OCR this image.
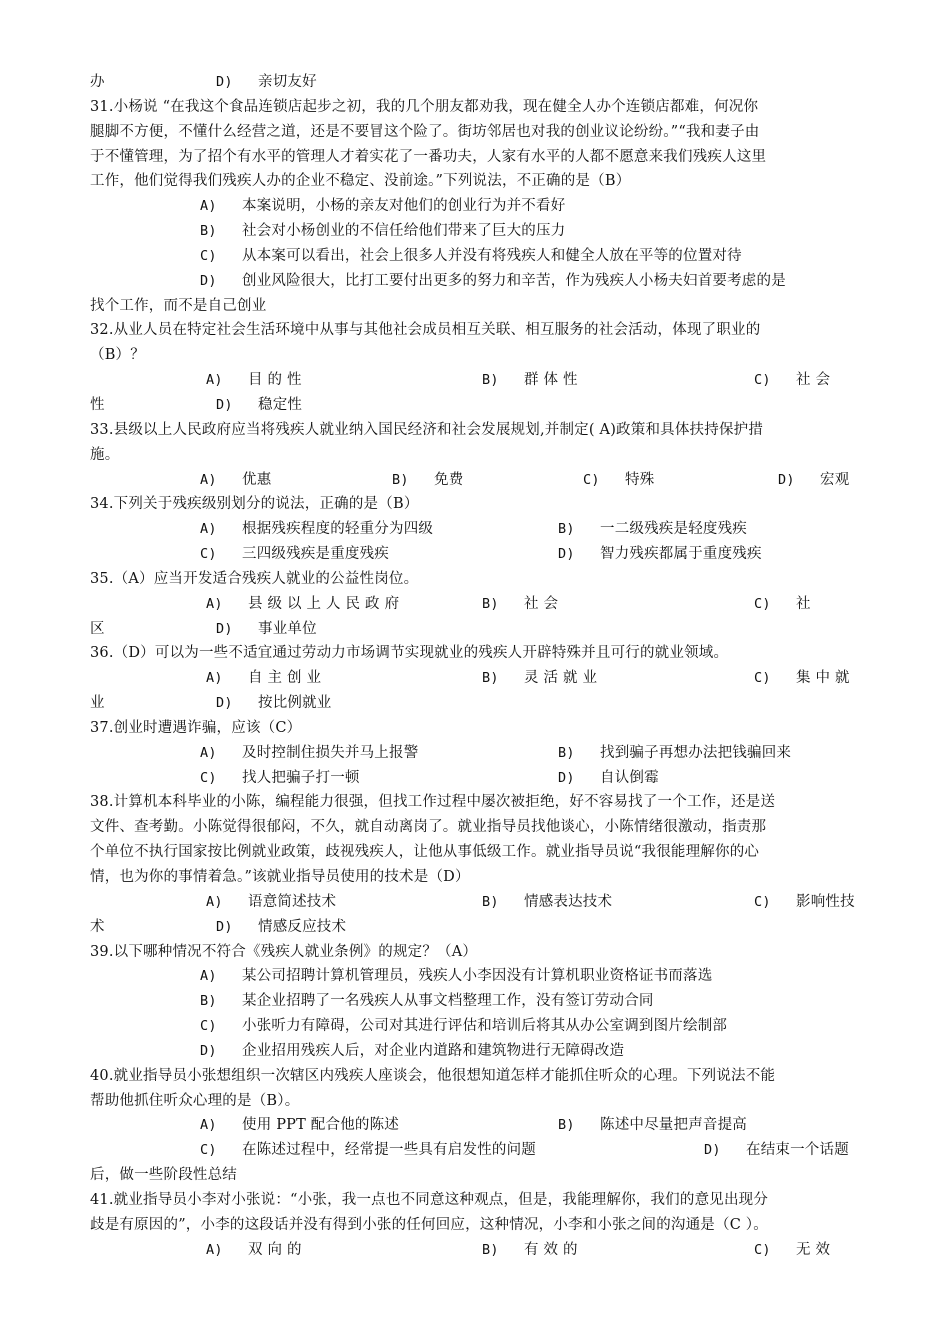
办	D) 亲切友好
31.小杨说 “在我这个食品连锁店起步之初，我的几个朋友都劝我，现在健全人办个连锁店都难，何况你
腿脚不方便，不懂什么经营之道，还是不要冒这个险了。街坊邻居也对我的创业议论纷纷。”“我和妻子由
于不懂管理，为了招个有水平的管理人才着实花了一番功夫，人家有水平的人都不愿意来我们残疾人这里
工作，他们觉得我们残疾人办的企业不稳定、没前途。”下列说法，不正确的是（B）
A) 本案说明，小杨的亲友对他们的创业行为并不看好
B) 社会对小杨创业的不信任给他们带来了巨大的压力
C) 从本案可以看出，社会上很多人并没有将残疾人和健全人放在平等的位置对待
D) 创业风险很大，比打工要付出更多的努力和辛苦，作为残疾人小杨夫妇首要考虑的是
找个工作，而不是自己创业
32.从业人员在特定社会生活环境中从事与其他社会成员相互关联、相互服务的社会活动，体现了职业的
（B）？
A) 目 的 性	B) 群 体 性	C) 社 会
性	D) 稳定性
33.县级以上人民政府应当将残疾人就业纳入国民经济和社会发展规划,并制定( A)政策和具体扶持保护措
施。
A) 优惠	B) 免费	C) 特殊	D) 宏观
34.下列关于残疾级别划分的说法，正确的是（B）
A) 根据残疾程度的轻重分为四级	B) 一二级残疾是轻度残疾
C) 三四级残疾是重度残疾	D) 智力残疾都属于重度残疾
35.（A）应当开发适合残疾人就业的公益性岗位。
A) 县 级 以 上 人 民 政 府	B) 社 会	C) 社
区	D) 事业单位
36.（D）可以为一些不适宜通过劳动力市场调节实现就业的残疾人开辟特殊并且可行的就业领域。
A) 自 主 创 业	B) 灵 活 就 业	C) 集 中 就
业	D) 按比例就业
37.创业时遭遇诈骗，应该（C）
A) 及时控制住损失并马上报警	B) 找到骗子再想办法把钱骗回来
C) 找人把骗子打一顿	D) 自认倒霉
38.计算机本科毕业的小陈，编程能力很强，但找工作过程中屡次被拒绝，好不容易找了一个工作，还是送
文件、查考勤。小陈觉得很郁闷，不久，就自动离岗了。就业指导员找他谈心，小陈情绪很激动，指责那
个单位不执行国家按比例就业政策，歧视残疾人，让他从事低级工作。就业指导员说“我很能理解你的心
情，也为你的事情着急。”该就业指导员使用的技术是（D）
A) 语意简述技术	B) 情感表达技术	C) 影响性技
术	D) 情感反应技术
39.以下哪种情况不符合《残疾人就业条例》的规定？（A）
A) 某公司招聘计算机管理员，残疾人小李因没有计算机职业资格证书而落选
B) 某企业招聘了一名残疾人从事文档整理工作，没有签订劳动合同
C) 小张听力有障碍，公司对其进行评估和培训后将其从办公室调到图片绘制部
D) 企业招用残疾人后，对企业内道路和建筑物进行无障碍改造
40.就业指导员小张想组织一次辖区内残疾人座谈会，他很想知道怎样才能抓住听众的心理。下列说法不能
帮助他抓住听众心理的是（B）。
A) 使用 PPT 配合他的陈述	B) 陈述中尽量把声音提高
C) 在陈述过程中，经常提一些具有启发性的问题	D) 在结束一个话题
后，做一些阶段性总结
41.就业指导员小李对小张说：“小张，我一点也不同意这种观点，但是，我能理解你，我们的意见出现分
歧是有原因的”，小李的这段话并没有得到小张的任何回应，这种情况，小李和小张之间的沟通是（C ）。
A) 双 向 的	B) 有 效 的	C) 无 效
